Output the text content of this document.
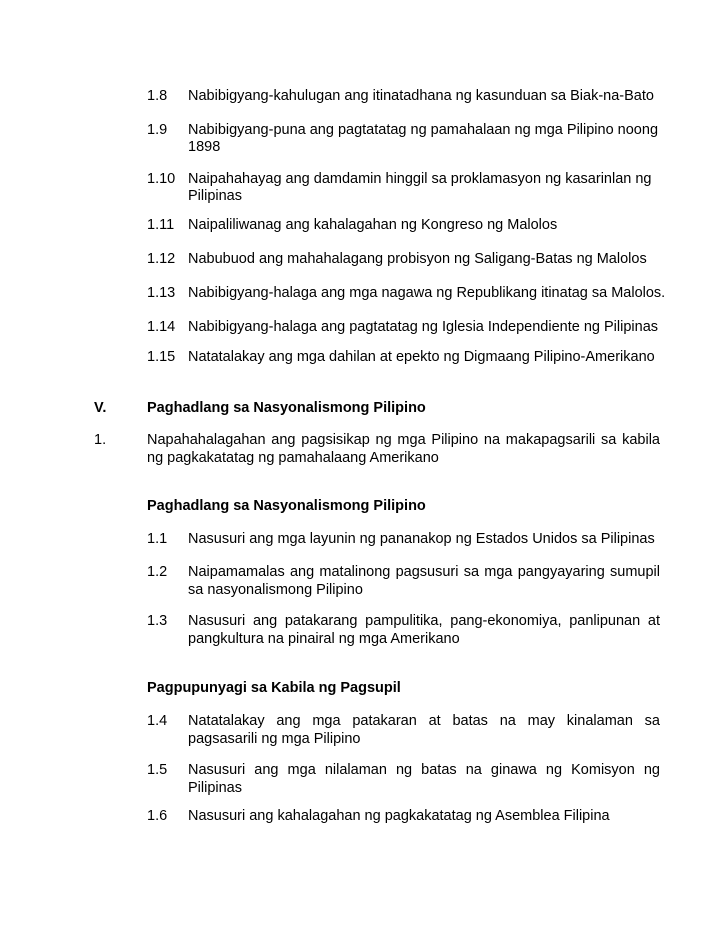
1.8 Nabibigyang-kahulugan ang itinatadhana ng kasunduan sa Biak-na-Bato
1.9 Nabibigyang-puna ang pagtatatag ng pamahalaan ng mga Pilipino noong
1898
1.10 Naipahahayag ang damdamin hinggil sa proklamasyon ng kasarinlan ng
Pilipinas
1.11 Naipaliliwanag ang kahalagahan ng Kongreso ng Malolos
1.12 Nabubuod ang mahahalagang probisyon ng Saligang-Batas ng Malolos
1.13 Nabibigyang-halaga ang mga nagawa ng Republikang itinatag sa Malolos.
1.14 Nabibigyang-halaga ang pagtatatag ng Iglesia Independiente ng Pilipinas
1.15 Natatalakay ang mga dahilan at epekto ng Digmaang Pilipino-Amerikano
V.	Paghadlang sa Nasyonalismong Pilipino
1.	Napahahalagahan ang pagsisikap ng mga Pilipino na makapagsarili sa kabila ng pagkakatatag ng pamahalaang Amerikano
Paghadlang sa Nasyonalismong Pilipino
1.1 Nasusuri ang mga layunin ng pananakop ng Estados Unidos sa Pilipinas
1.2 Naipamamalas ang matalinong pagsusuri sa mga pangyayaring sumupil sa nasyonalismong Pilipino
1.3 Nasusuri ang patakarang pampulitika, pang-ekonomiya, panlipunan at pangkultura na pinairal ng mga Amerikano
Pagpupunyagi sa Kabila ng Pagsupil
1.4 Natatalakay ang mga patakaran at batas na may kinalaman sa pagsasarili ng mga Pilipino
1.5 Nasusuri ang mga nilalaman ng batas na ginawa ng Komisyon ng Pilipinas
1.6 Nasusuri ang kahalagahan ng pagkakatatag ng Asemblea Filipina
